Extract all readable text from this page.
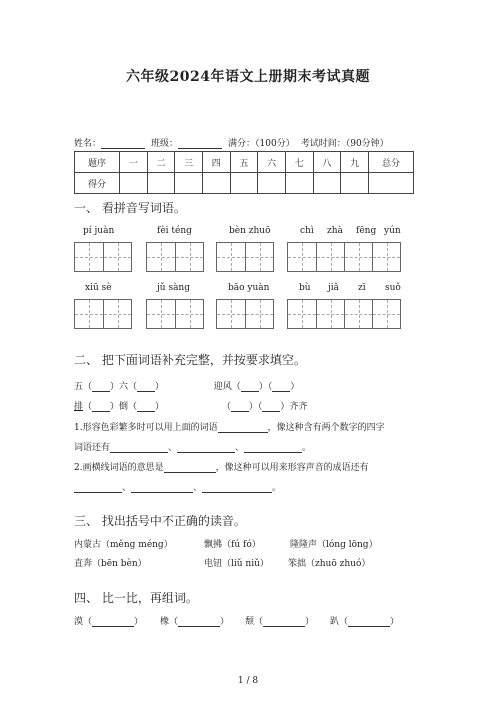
六年级2024年语文上册期末考试真题
姓名：	班级：	满分：（100分） 考试时间：（90分钟）
题序	一	二	三	四	五	六	七	八	九	总分
得分										
一、 看拼音写词语。
pí juàn	fèi téng	bèn zhuō	chì zhà fēng yún
xiū sè	jǔ sàng	bāo yuàn	bù jiǎ zī suǒ
二、 把下面词语补充完整，并按要求填空。
五（ ）六（ ）	迎风（ ）（ ）
排（ ）倒（ ）	（ ）（ ）齐齐
1.形容色彩繁多时可以用上面的词语	，像这种含有两个数字的四字
词语还有	、	、	。
2.画横线词语的意思是	，像这种可以用来形容声音的成语还有
、	、	。
三、 找出括号中不正确的读音。
内蒙古（měng méng）	飘拂（fú fó）	隆隆声（lóng lōng）
直奔（bēn bèn）	电钮（liǔ niǔ） 笨拙（zhuō zhuó）
四、 比一比，再组词。
漠（	） 橡（	） 颓（	） 趴（	）
1 / 8
